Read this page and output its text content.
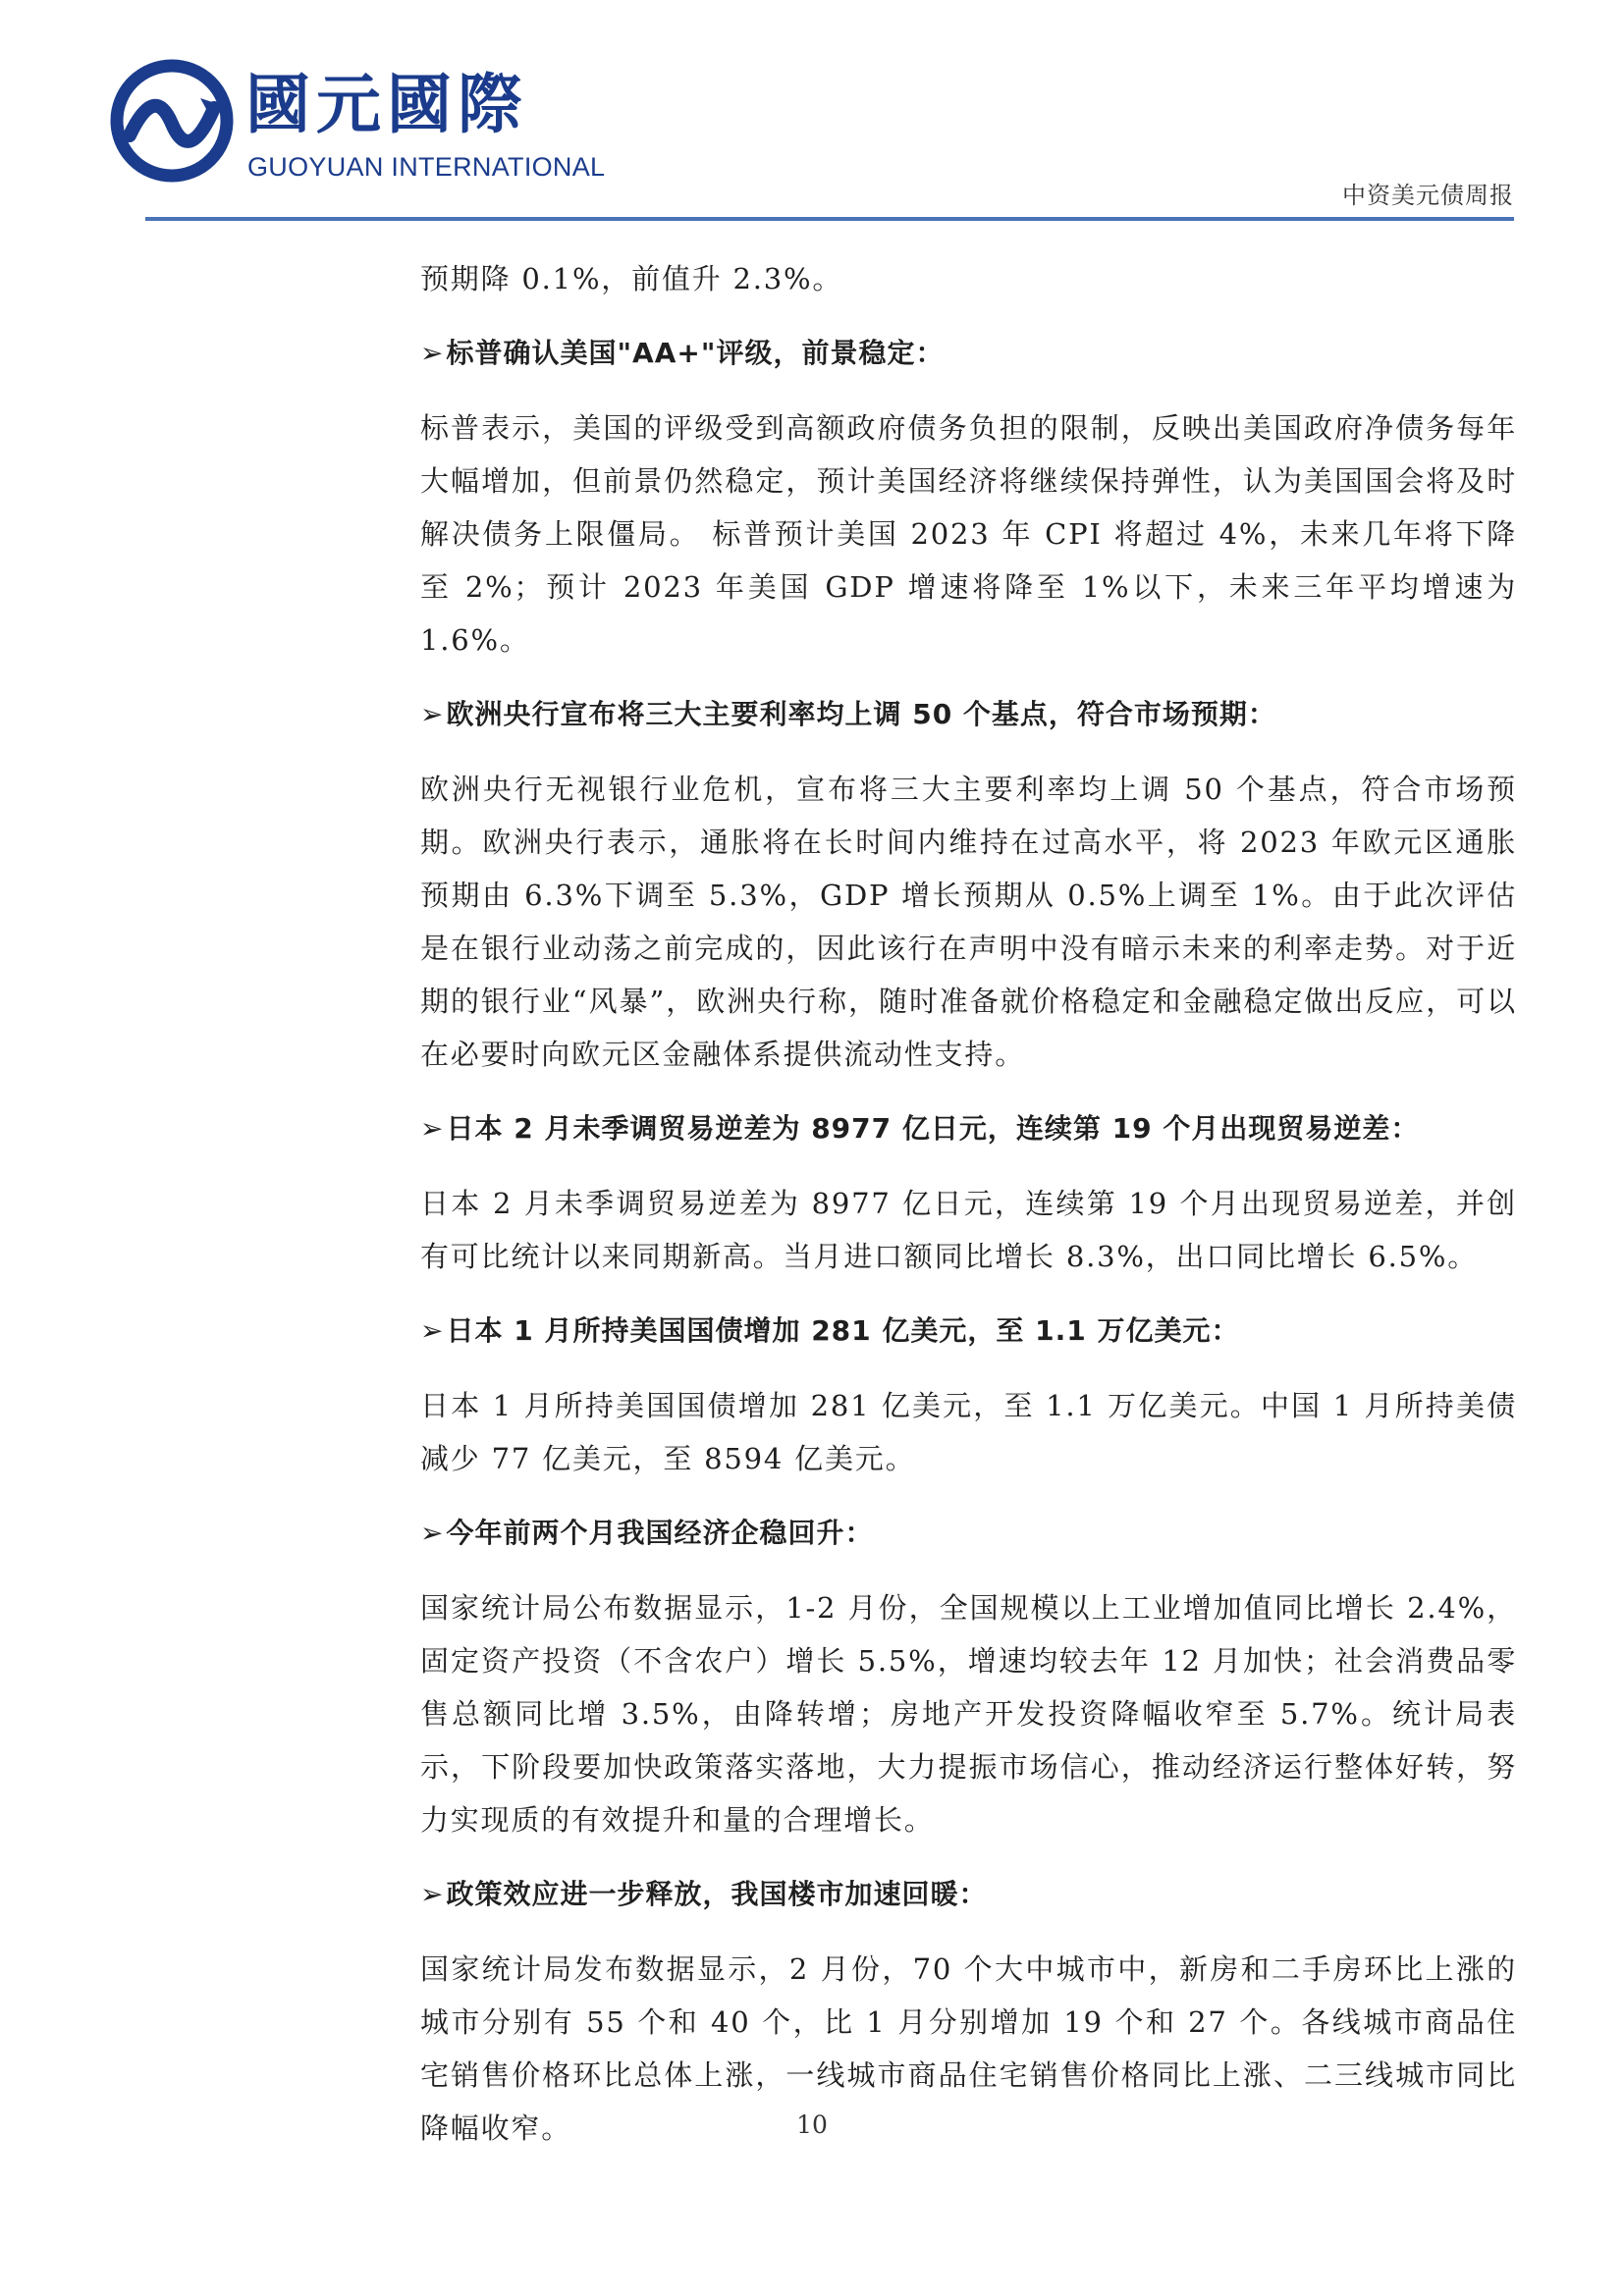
國元國際
GUOYUAN INTERNATIONAL
中资美元债周报

预期降 0.1%，前值升 2.3%。

➢标普确认美国"AA+"评级，前景稳定：

标普表示，美国的评级受到高额政府债务负担的限制，反映出美国政府净债务每年大幅增加，但前景仍然稳定，预计美国经济将继续保持弹性，认为美国国会将及时解决债务上限僵局。 标普预计美国 2023 年 CPI 将超过 4%，未来几年将下降至 2%；预计 2023 年美国 GDP 增速将降至 1%以下，未来三年平均增速为 1.6%。

➢欧洲央行宣布将三大主要利率均上调 50 个基点，符合市场预期：

欧洲央行无视银行业危机，宣布将三大主要利率均上调 50 个基点，符合市场预期。欧洲央行表示，通胀将在长时间内维持在过高水平，将 2023 年欧元区通胀预期由 6.3%下调至 5.3%，GDP 增长预期从 0.5%上调至 1%。由于此次评估是在银行业动荡之前完成的，因此该行在声明中没有暗示未来的利率走势。对于近期的银行业“风暴”，欧洲央行称，随时准备就价格稳定和金融稳定做出反应，可以在必要时向欧元区金融体系提供流动性支持。

➢日本 2 月未季调贸易逆差为 8977 亿日元，连续第 19 个月出现贸易逆差：

日本 2 月未季调贸易逆差为 8977 亿日元，连续第 19 个月出现贸易逆差，并创有可比统计以来同期新高。当月进口额同比增长 8.3%，出口同比增长 6.5%。

➢日本 1 月所持美国国债增加 281 亿美元，至 1.1 万亿美元：

日本 1 月所持美国国债增加 281 亿美元，至 1.1 万亿美元。中国 1 月所持美债减少 77 亿美元，至 8594 亿美元。

➢今年前两个月我国经济企稳回升：

国家统计局公布数据显示，1-2 月份，全国规模以上工业增加值同比增长 2.4%，固定资产投资（不含农户）增长 5.5%，增速均较去年 12 月加快；社会消费品零售总额同比增 3.5%，由降转增；房地产开发投资降幅收窄至 5.7%。统计局表示，下阶段要加快政策落实落地，大力提振市场信心，推动经济运行整体好转，努力实现质的有效提升和量的合理增长。

➢政策效应进一步释放，我国楼市加速回暖：

国家统计局发布数据显示，2 月份，70 个大中城市中，新房和二手房环比上涨的城市分别有 55 个和 40 个，比 1 月分别增加 19 个和 27 个。各线城市商品住宅销售价格环比总体上涨，一线城市商品住宅销售价格同比上涨、二三线城市同比降幅收窄。	10
